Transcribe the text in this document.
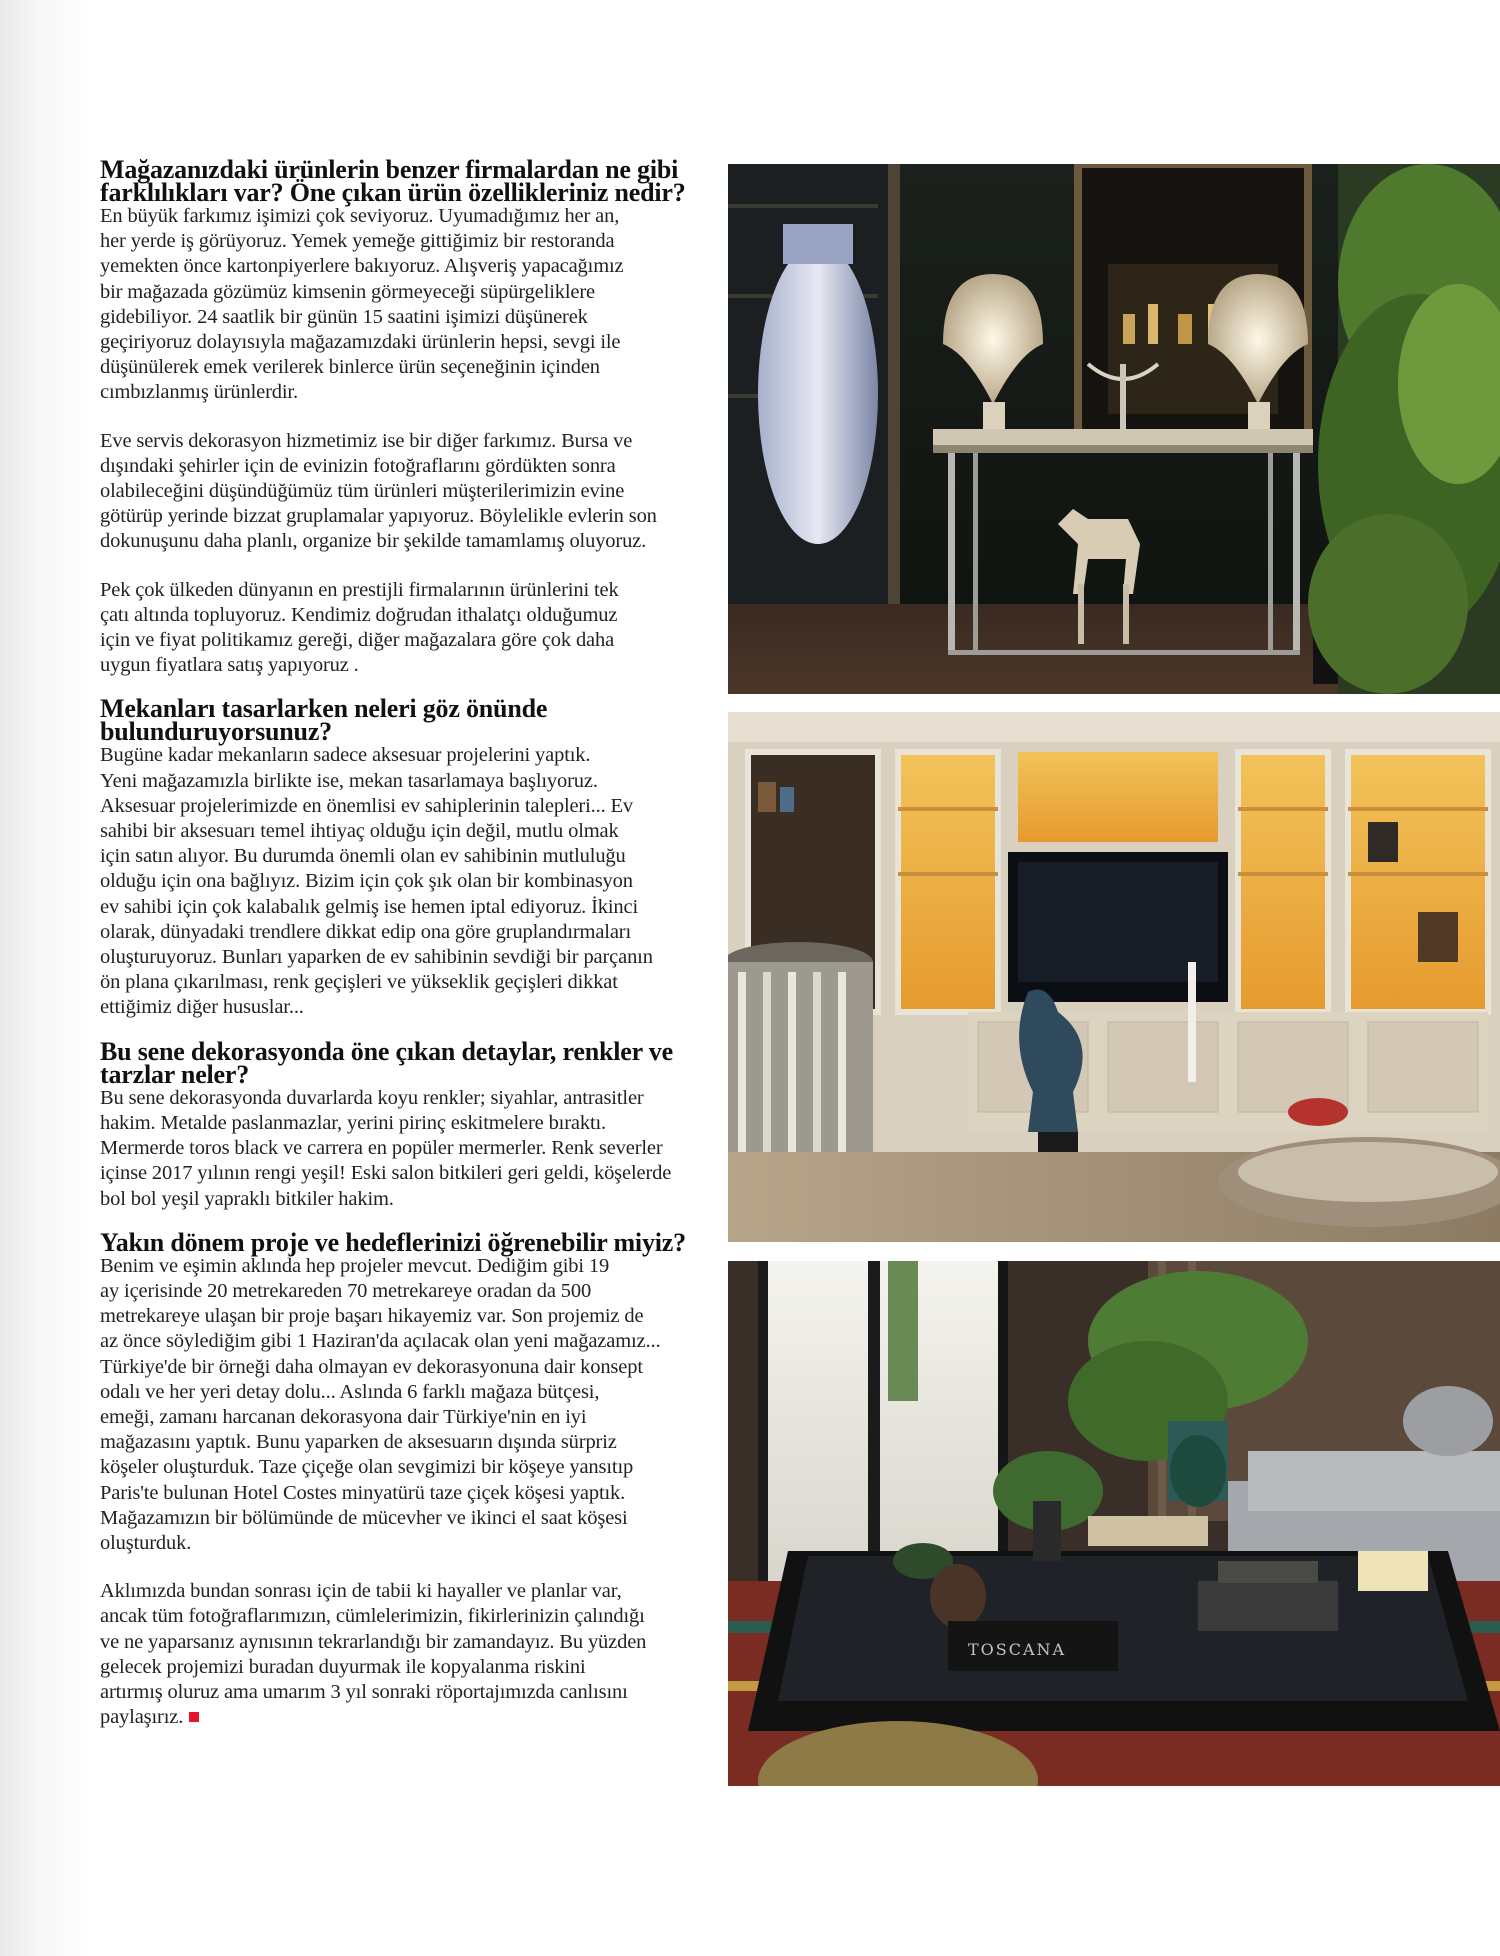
Mağazanızdaki ürünlerin benzer firmalardan ne gibi
farklılıkları var? Öne çıkan ürün özellikleriniz nedir?

En büyük farkımız işimizi çok seviyoruz. Uyumadığımız her an,
her yerde iş görüyoruz. Yemek yemeğe gittiğimiz bir restoranda
yemekten önce kartonpiyerlere bakıyoruz. Alışveriş yapacağımız
bir mağazada gözümüz kimsenin görmeyeceği süpürgeliklere
gidebiliyor. 24 saatlik bir günün 15 saatini işimizi düşünerek
geçiriyoruz dolayısıyla mağazamızdaki ürünlerin hepsi, sevgi ile
düşünülerek emek verilerek binlerce ürün seçeneğinin içinden
cımbızlanmış ürünlerdir.

Eve servis dekorasyon hizmetimiz ise bir diğer farkımız. Bursa ve
dışındaki şehirler için de evinizin fotoğraflarını gördükten sonra
olabileceğini düşündüğümüz tüm ürünleri müşterilerimizin evine
götürüp yerinde bizzat gruplamalar yapıyoruz. Böylelikle evlerin son
dokunuşunu daha planlı, organize bir şekilde tamamlamış oluyoruz.

Pek çok ülkeden dünyanın en prestijli firmalarının ürünlerini tek
çatı altında topluyoruz. Kendimiz doğrudan ithalatçı olduğumuz
için ve fiyat politikamız gereği, diğer mağazalara göre çok daha
uygun fiyatlara satış yapıyoruz .

Mekanları tasarlarken neleri göz önünde
bulunduruyorsunuz?

Bugüne kadar mekanların sadece aksesuar projelerini yaptık.
Yeni mağazamızla birlikte ise, mekan tasarlamaya başlıyoruz.
Aksesuar projelerimizde en önemlisi ev sahiplerinin talepleri... Ev
sahibi bir aksesuarı temel ihtiyaç olduğu için değil, mutlu olmak
için satın alıyor. Bu durumda önemli olan ev sahibinin mutluluğu
olduğu için ona bağlıyız. Bizim için çok şık olan bir kombinasyon
ev sahibi için çok kalabalık gelmiş ise hemen iptal ediyoruz. İkinci
olarak, dünyadaki trendlere dikkat edip ona göre gruplandırmaları
oluşturuyoruz. Bunları yaparken de ev sahibinin sevdiği bir parçanın
ön plana çıkarılması, renk geçişleri ve yükseklik geçişleri dikkat
ettiğimiz diğer hususlar...

Bu sene dekorasyonda öne çıkan detaylar, renkler ve
tarzlar neler?

Bu sene dekorasyonda duvarlarda koyu renkler; siyahlar, antrasitler
hakim. Metalde paslanmazlar, yerini pirinç eskitmelere bıraktı.
Mermerde toros black ve carrera en popüler mermerler. Renk severler
içinse 2017 yılının rengi yeşil! Eski salon bitkileri geri geldi, köşelerde
bol bol yeşil yapraklı bitkiler hakim.

Yakın dönem proje ve hedeflerinizi öğrenebilir miyiz?

Benim ve eşimin aklında hep projeler mevcut. Dediğim gibi 19
ay içerisinde 20 metrekareden 70 metrekareye oradan da 500
metrekareye ulaşan bir proje başarı hikayemiz var. Son projemiz de
az önce söylediğim gibi 1 Haziran'da açılacak olan yeni mağazamız...
Türkiye'de bir örneği daha olmayan ev dekorasyonuna dair konsept
odalı ve her yeri detay dolu... Aslında 6 farklı mağaza bütçesi,
emeği, zamanı harcanan dekorasyona dair Türkiye'nin en iyi
mağazasını yaptık. Bunu yaparken de aksesuarın dışında sürpriz
köşeler oluşturduk. Taze çiçeğe olan sevgimizi bir köşeye yansıtıp
Paris'te bulunan Hotel Costes minyatürü taze çiçek köşesi yaptık.
Mağazamızın bir bölümünde de mücevher ve ikinci el saat köşesi
oluşturduk.

Aklımızda bundan sonrası için de tabii ki hayaller ve planlar var,
ancak tüm fotoğraflarımızın, cümlelerimizin, fikirlerinizin çalındığı
ve ne yaparsanız aynısının tekrarlandığı bir zamandayız. Bu yüzden
gelecek projemizi buradan duyurmak ile kopyalanma riskini
artırmış oluruz ama umarım 3 yıl sonraki röportajımızda canlısını
paylaşırız.

TOSCANA
